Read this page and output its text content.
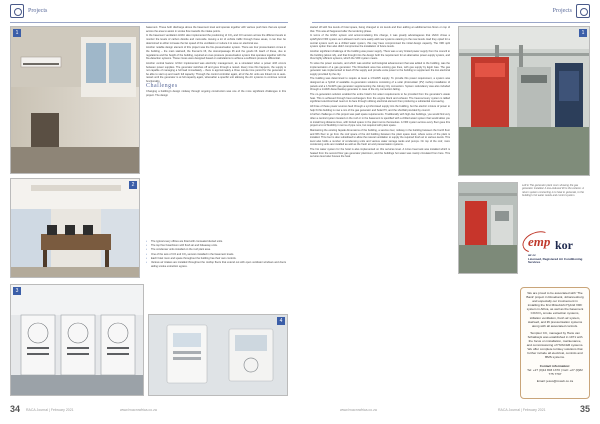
Projects	Projects
1

basement. These both discharge above the basement level and operate together with various push fans that are spread across the area to assist in smoke flow towards the intake points.

In the basement ventilation HVAC also implemented the positioning of CO₂ and CO sensors across the different levels to monitor the levels of carbon dioxide and monoxide. Having a lot of vehicle traffic through these areas, it can then be determined to either increase the fan speed of the ventilation or reduce it to save on electrical use.

Another notable design element of this project was the fire-pressurisation system. There are four pressurisation zones in the building – the main stairwell, the fireman's lift, the stores/passage lift and the goods lift. Each of these, due to regulations and the height of the building, required an over-pressure pressurisation system that operates together with the fire-detection systems. These zones were designed based on calculations to achieve a sufficient pressure differential.

Another central feature: HVAC implemented was electricity management, as a simulated when a power shift occurs between power supplies. The generator switches off and goes through a restart. Every time this happens, the supply is not capable of managing a full load immediately – there is approximately a three minute time period for the generator to be able to start up and reach full capacity. Through the control controller again, all of the AC units are linked not to auto-restart until the generator is at full capacity again, whereafter a specific unit allowing the AC systems to continue normal functionality.

Challenges

Changing a building's design midway through ongoing construction was one of the more significant challenges in this project. The design

2
• The typical every offices are fitted with concealed ducted units.
• The top floor boardroom with flush air and hideaway units.
• The condenser units installed on the roof plant area.
• One of the sets of CO and CO₂ sensors installed in the basement levels.
• Each hotel room and space throughout the building has their own controls.
• Various air intakes are installed throughout the rooftop floors that extend out with open ventilator windows and doors aiding smoke extraction egress.
3
4

started off with five levels of hotel space, being changed to six levels and then adding an additional two floors on top of that. This was all happened after the tendering phase.

In terms of the HVAC system and accommodating this change, it was greatly advantageous that HVAC chose a split/hybrid VRF system as it allowed much more easily add new systems catering to the new levels. Had they opted for a central system such as a chilled water system, this may have compromised the initial design capacity. The VRF split system option then also didn't compromise the installation of future levels.

Another significant challenge of the building was power supply. There was a very limited power supply from the council to the building (about 4A), and that brought into the design both the requirement for an alternative power-supply system, and thus highly efficient systems, which the VRF system meets.

To solve the power scenario, and which was another technological advancement that was added to the building, was the implementation of a gas generator. The Rosebank area has existing gas lines, with gas supply by Egoli Gas. The gas generator was implemented to feed off the supply and provide extra power to the building to supplement the low electrical supply provided by the city.

The building was determined to require at least a 1.5mW/h supply. To provide this power requirement, a system was designed as a hybrid of available co-generation solutions consisting of a solar photovoltaic (PV) rooftop installation of panels and a 1.5mW/h gas generator supplementing the Joburg City connection. System redundancy was also included through a 1mW/h diesel backup generator in case of the city connection failing.

The co-generation solution enabled the entire hotel's hot water requirements to be provided from the generator's waste heat. This is achieved through heat exchangers from the engine block and exhaust. The heat-recovery system is tallied significant electrical load need on its face through utilising electrical element then producing a substantial cost saving.

All three of these power sources feed through a synchronised supply into the building, but the electric mixture of power to help fit this building is now a mix of the gas generator and Solar PV, and the shortfall provided by council.

A further challenge on this project was paid space requirements. Traditionally with high-rise buildings, you would find very often a central system located on the roof or in the basement is specified with a chilled water system that would allow you to install long distance lines, with limited space in the plant rooms themselves. A VRF system across every floor gave this project a lot of flexibility in terms of pipe runs, but required with plant space.

Maintaining the existing façade dimensions of the building, a service riser, midway in the building between the fourth floor and fifth floor to go from the roof space of the old building between the plant space level, where some of the plant is installed. This riser is also subsidised to allow the natural ventilation to supply the required fresh air to various levels. This level also holds a number of condensing units and various water storage tanks and pumps. On top of the roof, more condensing units are installed as well as the fresh air and pressurisation systems.

The hot water system for the hotel is also implemented on this services level. A 4-bus heat tank was installed which is heated from the second floor gas generator plantroom, and the buildings hot water was mainly circulated from here. This services level also houses the heat

1
Left & The generator plant room showing the gas generator installed. A low-reduced tilt to the exterior. A return system connecting is to heat to generate, to the building's hot water needs and control system.
emp kor
air cc
Licensed, Registered Air Conditioning Services

We are proud to be associated with 'The Bank' project in Rosebank, Johannesburg and especially our involvement in installing the first Mitsubishi Hybrid VRF system in Africa, as well as the basement CO/CO₂ smoke extraction systems, stillation ventilation, fresh air system, stairwell, and lift pressurisation systems along with all associated controls.

Tempkor CC, managed by Hans van Schalkwyk was established in 1971 with the focus on installation, maintenance, and commissioning of HVAC&R systems. We offer complete turnkey solutions that further include all electrical, controls and BMS systems.

Contact information:

Tel: +27 (0)12 803 1370 | Cell: +27 (0)82 775 7797

Email: jesus@mweb.co.za

34 RACA Journal | February 2021	www.hvacnrafrica.co.za	www.hvacnrafrica.co.za	RACA Journal | February 2021	35
